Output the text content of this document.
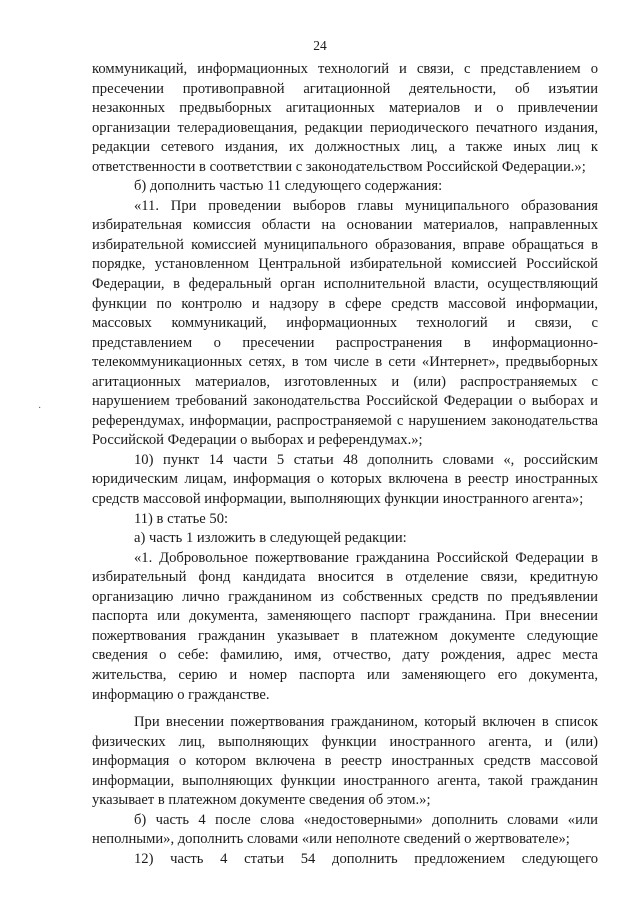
24
·

коммуникаций, информационных технологий и связи, с представлением о пресечении противоправной агитационной деятельности, об изъятии незаконных предвыборных агитационных материалов и о привлечении организации телерадиовещания, редакции периодического печатного издания, редакции сетевого издания, их должностных лиц, а также иных лиц к ответственности в соответствии с законодательством Российской Федерации.»;

б) дополнить частью 11 следующего содержания:

«11. При проведении выборов главы муниципального образования избирательная комиссия области на основании материалов, направленных избирательной комиссией муниципального образования, вправе обращаться в порядке, установленном Центральной избирательной комиссией Российской Федерации, в федеральный орган исполнительной власти, осуществляющий функции по контролю и надзору в сфере средств массовой информации, массовых коммуникаций, информационных технологий и связи, с представлением о пресечении распространения в информационно-телекоммуникационных сетях, в том числе в сети «Интернет», предвыборных агитационных материалов, изготовленных и (или) распространяемых с нарушением требований законодательства Российской Федерации о выборах и референдумах, информации, распространяемой с нарушением законодательства Российской Федерации о выборах и референдумах.»;

10) пункт 14 части 5 статьи 48 дополнить словами «, российским юридическим лицам, информация о которых включена в реестр иностранных средств массовой информации, выполняющих функции иностранного агента»;

11) в статье 50:

а) часть 1 изложить в следующей редакции:

«1. Добровольное пожертвование гражданина Российской Федерации в избирательный фонд кандидата вносится в отделение связи, кредитную организацию лично гражданином из собственных средств по предъявлении паспорта или документа, заменяющего паспорт гражданина. При внесении пожертвования гражданин указывает в платежном документе следующие сведения о себе: фамилию, имя, отчество, дату рождения, адрес места жительства, серию и номер паспорта или заменяющего его документа, информацию о гражданстве.

При внесении пожертвования гражданином, который включен в список физических лиц, выполняющих функции иностранного агента, и (или) информация о котором включена в реестр иностранных средств массовой информации, выполняющих функции иностранного агента, такой гражданин указывает в платежном документе сведения об этом.»;

б) часть 4 после слова «недостоверными» дополнить словами «или неполными», дополнить словами «или неполноте сведений о жертвователе»;

12) часть 4 статьи 54 дополнить предложением следующего
